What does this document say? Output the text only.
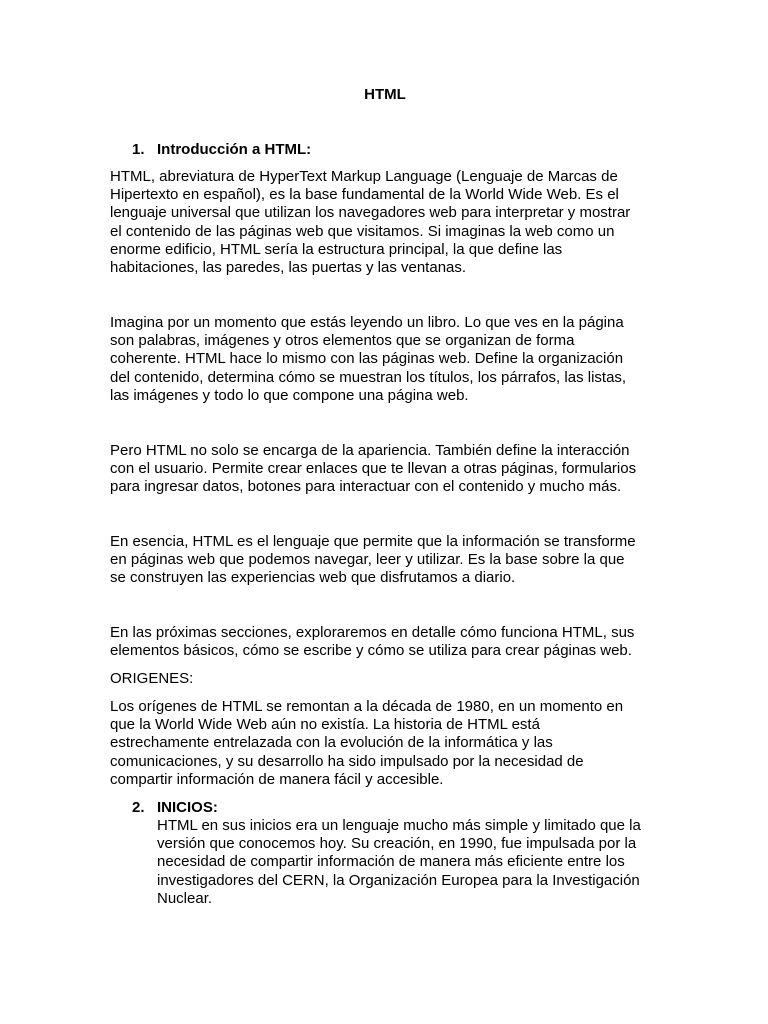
HTML
1. Introducción a HTML:
HTML, abreviatura de HyperText Markup Language (Lenguaje de Marcas de
Hipertexto en español), es la base fundamental de la World Wide Web. Es el
lenguaje universal que utilizan los navegadores web para interpretar y mostrar
el contenido de las páginas web que visitamos. Si imaginas la web como un
enorme edificio, HTML sería la estructura principal, la que define las
habitaciones, las paredes, las puertas y las ventanas.
Imagina por un momento que estás leyendo un libro. Lo que ves en la página
son palabras, imágenes y otros elementos que se organizan de forma
coherente. HTML hace lo mismo con las páginas web. Define la organización
del contenido, determina cómo se muestran los títulos, los párrafos, las listas,
las imágenes y todo lo que compone una página web.
Pero HTML no solo se encarga de la apariencia. También define la interacción
con el usuario. Permite crear enlaces que te llevan a otras páginas, formularios
para ingresar datos, botones para interactuar con el contenido y mucho más.
En esencia, HTML es el lenguaje que permite que la información se transforme
en páginas web que podemos navegar, leer y utilizar. Es la base sobre la que
se construyen las experiencias web que disfrutamos a diario.
En las próximas secciones, exploraremos en detalle cómo funciona HTML, sus
elementos básicos, cómo se escribe y cómo se utiliza para crear páginas web.
ORIGENES:
Los orígenes de HTML se remontan a la década de 1980, en un momento en
que la World Wide Web aún no existía. La historia de HTML está
estrechamente entrelazada con la evolución de la informática y las
comunicaciones, y su desarrollo ha sido impulsado por la necesidad de
compartir información de manera fácil y accesible.
2. INICIOS:
HTML en sus inicios era un lenguaje mucho más simple y limitado que la
versión que conocemos hoy. Su creación, en 1990, fue impulsada por la
necesidad de compartir información de manera más eficiente entre los
investigadores del CERN, la Organización Europea para la Investigación
Nuclear.
